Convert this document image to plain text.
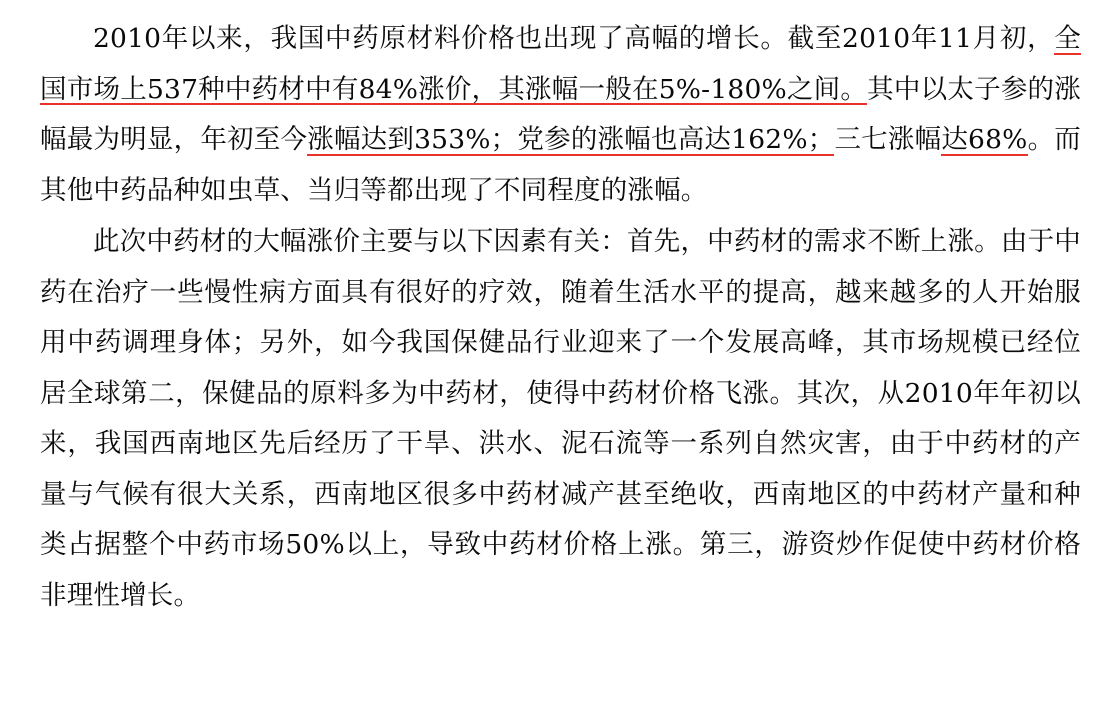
2010年以来，我国中药原材料价格也出现了高幅的增长。截至2010年11月初，全国市场上537种中药材中有84%涨价，其涨幅一般在5%-180%之间。其中以太子参的涨幅最为明显，年初至今涨幅达到353%；党参的涨幅也高达162%；三七涨幅达68%。而其他中药品种如虫草、当归等都出现了不同程度的涨幅。

此次中药材的大幅涨价主要与以下因素有关：首先，中药材的需求不断上涨。由于中药在治疗一些慢性病方面具有很好的疗效，随着生活水平的提高，越来越多的人开始服用中药调理身体；另外，如今我国保健品行业迎来了一个发展高峰，其市场规模已经位居全球第二，保健品的原料多为中药材，使得中药材价格飞涨。其次，从2010年年初以来，我国西南地区先后经历了干旱、洪水、泥石流等一系列自然灾害，由于中药材的产量与气候有很大关系，西南地区很多中药材减产甚至绝收，西南地区的中药材产量和种类占据整个中药市场50%以上，导致中药材价格上涨。第三，游资炒作促使中药材价格非理性增长。
